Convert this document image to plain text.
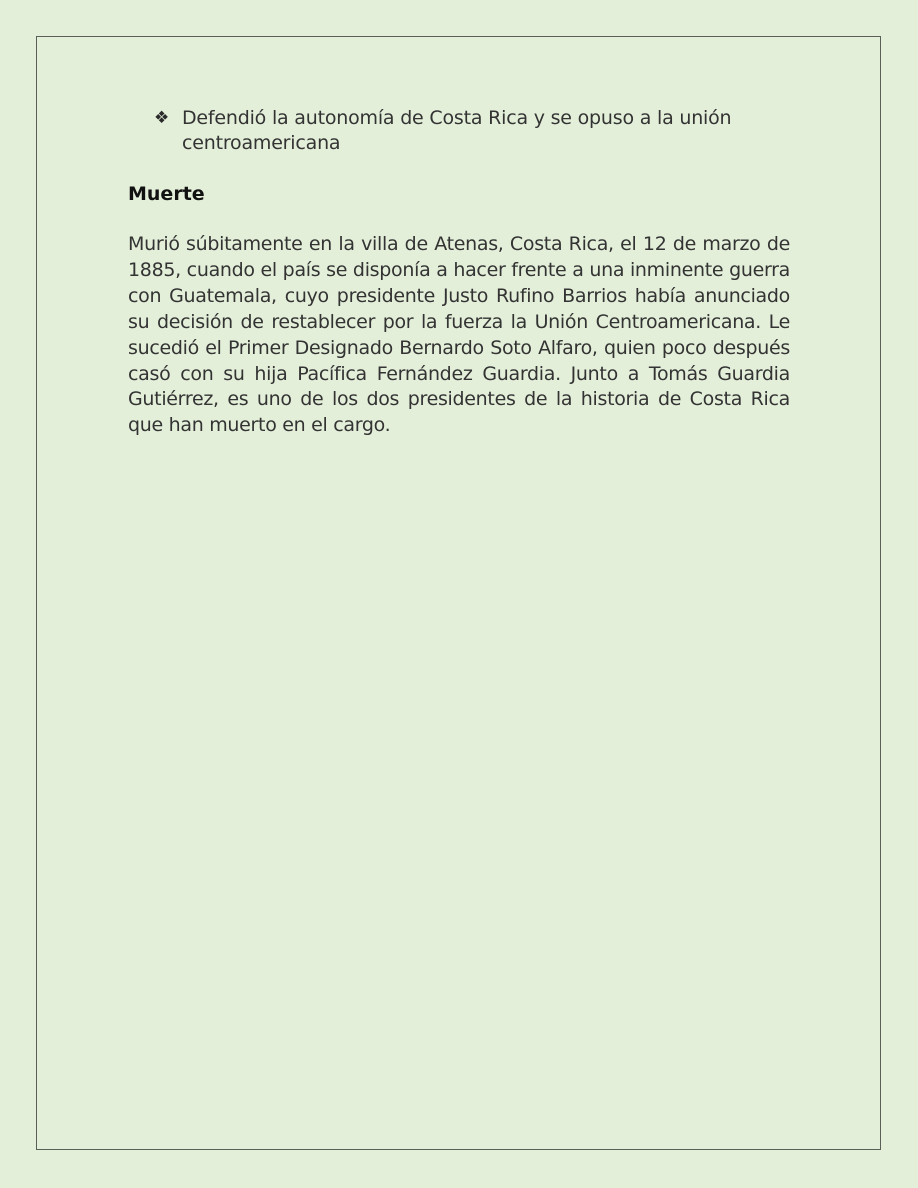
❖ Defendió la autonomía de Costa Rica y se opuso a la unión centroamericana
Muerte
Murió súbitamente en la villa de Atenas, Costa Rica, el 12 de marzo de 1885, cuando el país se disponía a hacer frente a una inminente guerra con Guatemala, cuyo presidente Justo Rufino Barrios había anunciado su decisión de restablecer por la fuerza la Unión Centroamericana. Le sucedió el Primer Designado Bernardo Soto Alfaro, quien poco después casó con su hija Pacífica Fernández Guardia. Junto a Tomás Guardia Gutiérrez, es uno de los dos presidentes de la historia de Costa Rica que han muerto en el cargo.
